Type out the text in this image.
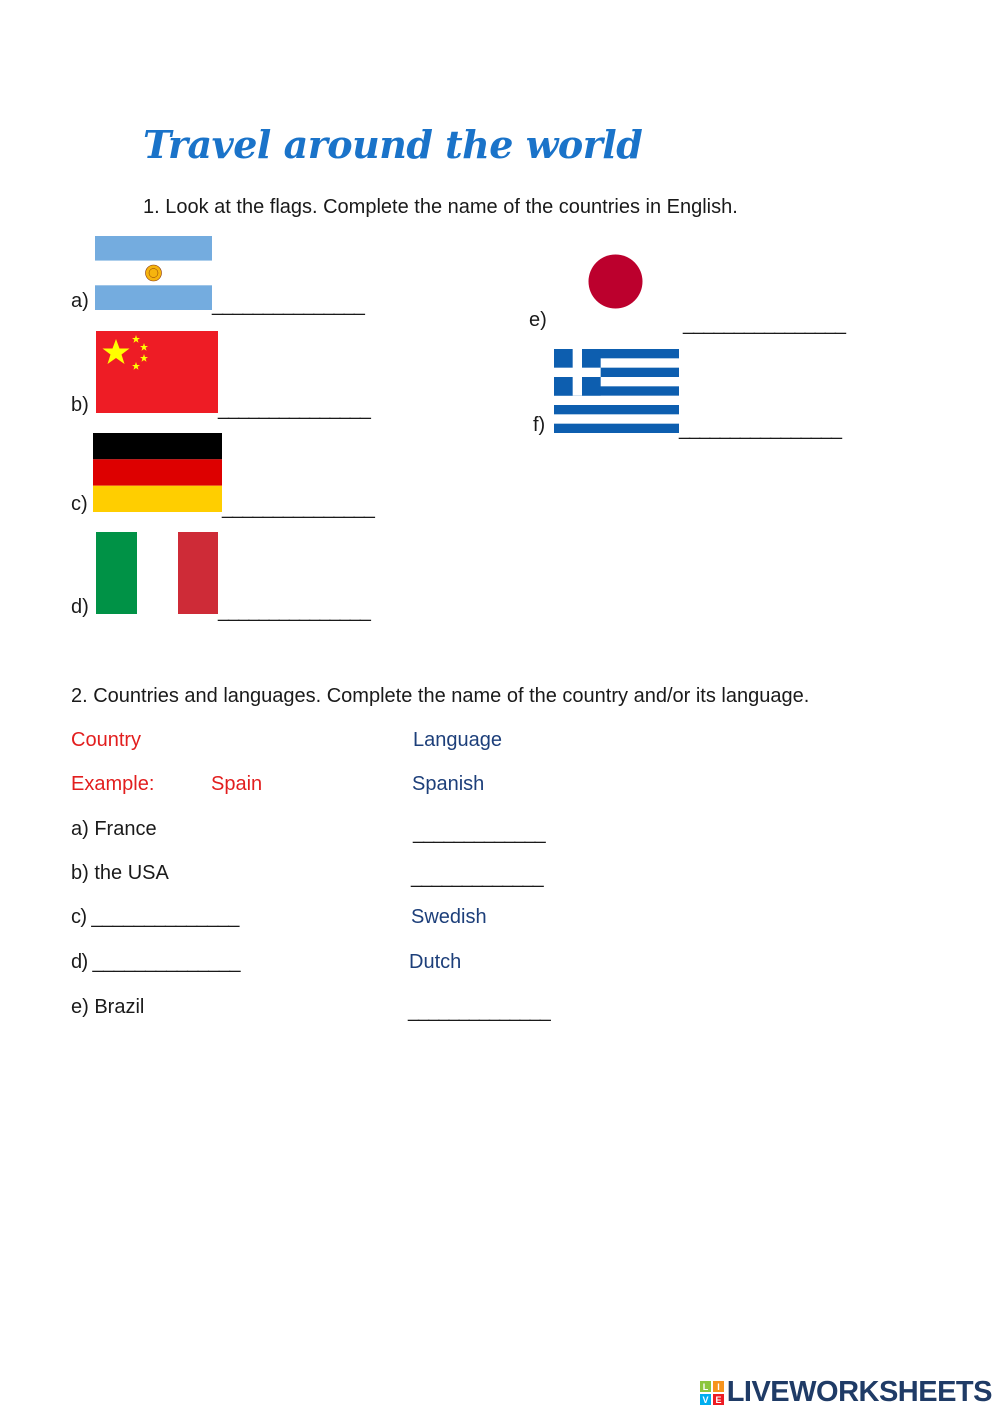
Travel around the world
1. Look at the flags. Complete the name of the countries in English.
a)	_______________
b)	_______________
c)	_______________
d)	_______________
e)	________________
f)	________________
2. Countries and languages. Complete the name of the country and/or its language.
Country	Language
Example:	Spain	Spanish
a) France	_____________
b) the USA	_____________
c) ______________	Swedish
d) ______________	Dutch
e) Brazil	______________
L I
V E LIVEWORKSHEETS
